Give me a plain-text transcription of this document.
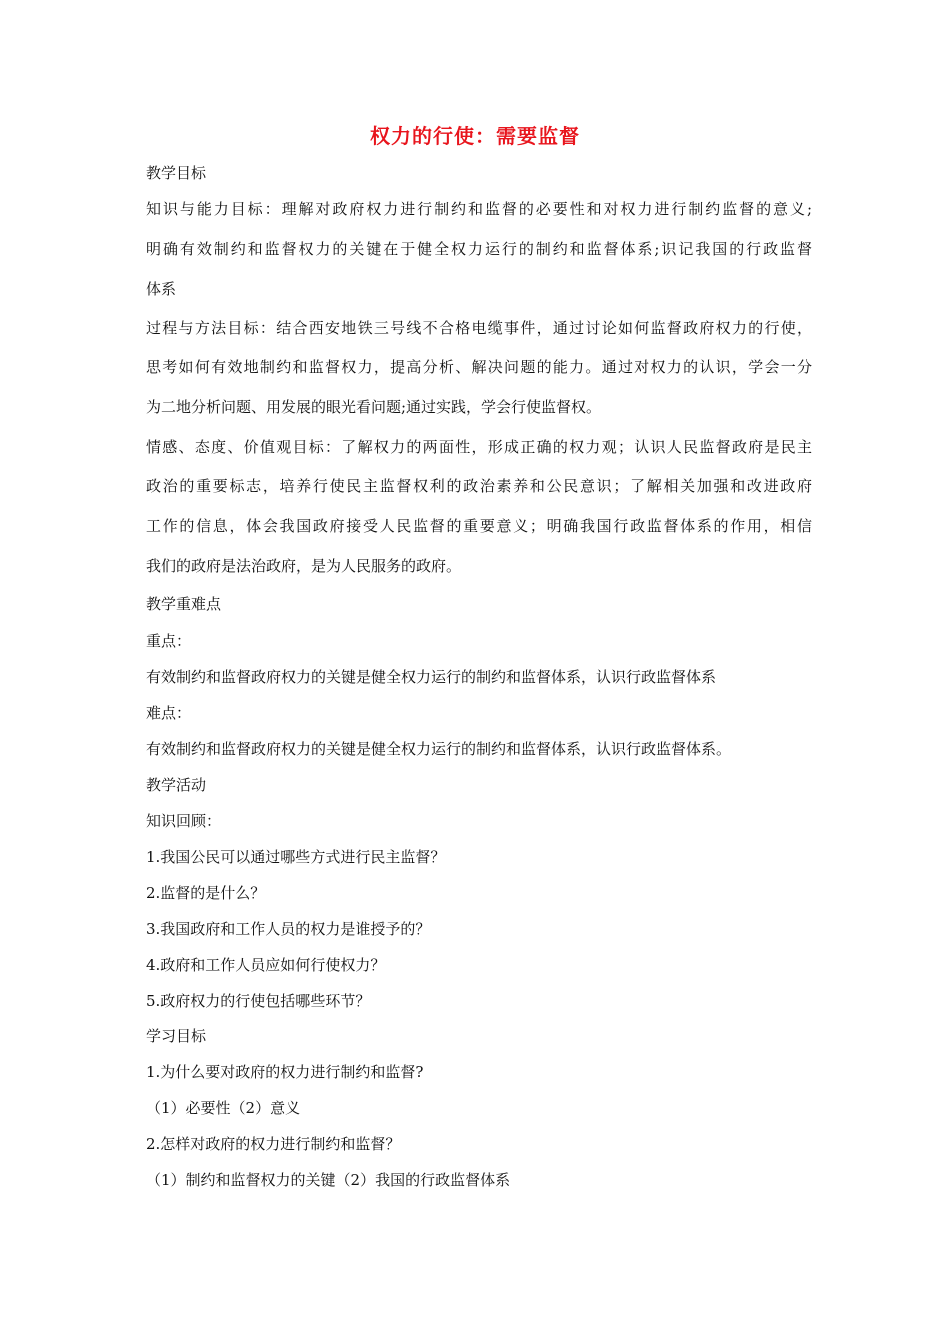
权力的行使：需要监督
教学目标
知识与能力目标：理解对政府权力进行制约和监督的必要性和对权力进行制约监督的意义;
明确有效制约和监督权力的关键在于健全权力运行的制约和监督体系;识记我国的行政监督
体系
过程与方法目标：结合西安地铁三号线不合格电缆事件，通过讨论如何监督政府权力的行使，
思考如何有效地制约和监督权力，提高分析、解决问题的能力。通过对权力的认识，学会一分
为二地分析问题、用发展的眼光看问题;通过实践，学会行使监督权。
情感、态度、价值观目标：了解权力的两面性，形成正确的权力观；认识人民监督政府是民主
政治的重要标志，培养行使民主监督权利的政治素养和公民意识；了解相关加强和改进政府
工作的信息，体会我国政府接受人民监督的重要意义；明确我国行政监督体系的作用，相信
我们的政府是法治政府，是为人民服务的政府。
教学重难点
重点：
有效制约和监督政府权力的关键是健全权力运行的制约和监督体系，认识行政监督体系
难点：
有效制约和监督政府权力的关键是健全权力运行的制约和监督体系，认识行政监督体系。
教学活动
知识回顾：
1.我国公民可以通过哪些方式进行民主监督？
2.监督的是什么？
3.我国政府和工作人员的权力是谁授予的？
4.政府和工作人员应如何行使权力？
5.政府权力的行使包括哪些环节？
学习目标
1.为什么要对政府的权力进行制约和监督?
（1）必要性（2）意义
2.怎样对政府的权力进行制约和监督？
（1）制约和监督权力的关键（2）我国的行政监督体系
